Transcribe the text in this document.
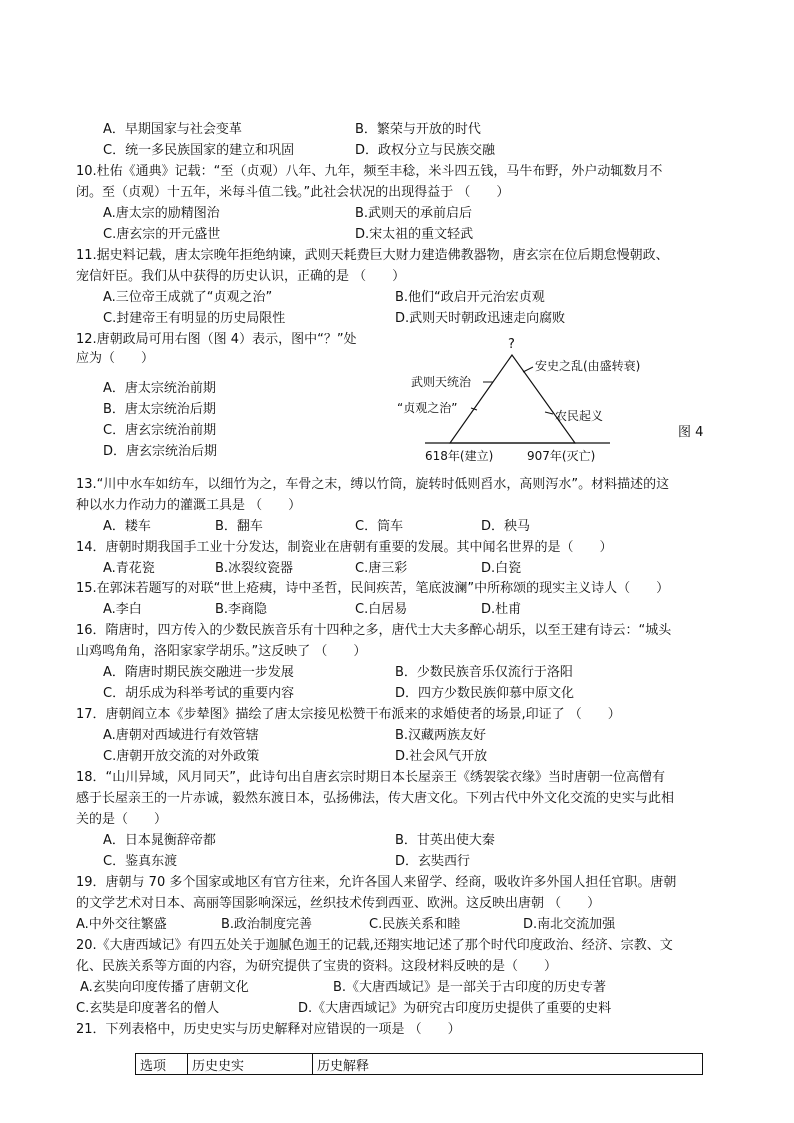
A．早期国家与社会变革	B．繁荣与开放的时代
C．统一多民族国家的建立和巩固	D．政权分立与民族交融
10.杜佑《通典》记载：“至（贞观）八年、九年，频至丰稔，米斗四五钱，马牛布野，外户动辄数月不
闭。至（贞观）十五年，米每斗值二钱。”此社会状况的出现得益于 （　　）
A.唐太宗的励精图治	B.武则天的承前启后
C.唐玄宗的开元盛世	D.宋太祖的重文轻武
11.据史料记载，唐太宗晚年拒绝纳谏，武则天耗费巨大财力建造佛教器物，唐玄宗在位后期怠慢朝政、
宠信奸臣。我们从中获得的历史认识，正确的是 （　　）
A.三位帝王成就了“贞观之治”	B.他们“政启开元治宏贞观
C.封建帝王有明显的历史局限性	D.武则天时朝政迅速走向腐败
12.唐朝政局可用右图（图 4）表示，图中“？”处
应为（　　）
A．唐太宗统治前期
B．唐太宗统治后期
C．唐玄宗统治前期
D．唐玄宗统治后期
?
武则天统治
“贞观之治”
安史之乱(由盛转衰)
农民起义
618年(建立)	907年(灭亡)
图 4
13.“川中水车如纺车，以细竹为之，车骨之末，缚以竹筒，旋转时低则舀水，高则泻水”。材料描述的这
种以水力作动力的灌溉工具是 （　　）
A．耧车	B．翻车	C．筒车	D．秧马
14．唐朝时期我国手工业十分发达，制瓷业在唐朝有重要的发展。其中闻名世界的是（　　）
A.青花瓷	B.冰裂纹瓷器	C.唐三彩	D.白瓷
15.在郭沫若题写的对联“世上疮痍，诗中圣哲，民间疾苦，笔底波澜”中所称颂的现实主义诗人（　　）
A.李白	B.李商隐	C.白居易	D.杜甫
16．隋唐时，四方传入的少数民族音乐有十四种之多，唐代士大夫多醉心胡乐，以至王建有诗云：“城头
山鸡鸣角角，洛阳家家学胡乐。”这反映了 （　　）
A．隋唐时期民族交融进一步发展	B．少数民族音乐仅流行于洛阳
C．胡乐成为科举考试的重要内容	D．四方少数民族仰慕中原文化
17．唐朝阎立本《步辇图》描绘了唐太宗接见松赞干布派来的求婚使者的场景,印证了 （　　）
A.唐朝对西域进行有效管辖	B.汉藏两族友好
C.唐朝开放交流的对外政策	D.社会风气开放
18．“山川异域，风月同天”，此诗句出自唐玄宗时期日本长屋亲王《绣袈裟衣缘》当时唐朝一位高僧有
感于长屋亲王的一片赤诚，毅然东渡日本，弘扬佛法，传大唐文化。下列古代中外文化交流的史实与此相
关的是（　　）
A．日本晁衡辞帝都	B．甘英出使大秦
C．鉴真东渡	D．玄奘西行
19．唐朝与 70 多个国家或地区有官方往来，允许各国人来留学、经商，吸收许多外国人担任官职。唐朝
的文学艺术对日本、高丽等国影响深远，丝织技术传到西亚、欧洲。这反映出唐朝 （　　）
A.中外交往繁盛	B.政治制度完善	C.民族关系和睦	D.南北交流加强
20.《大唐西域记》有四五处关于迦腻色迦王的记载,还翔实地记述了那个时代印度政治、经济、宗教、文
化、民族关系等方面的内容，为研究提供了宝贵的资料。这段材料反映的是（　　）
A.玄奘向印度传播了唐朝文化	B.《大唐西域记》是一部关于古印度的历史专著
C.玄奘是印度著名的僧人	D.《大唐西域记》为研究古印度历史提供了重要的史料
21．下列表格中，历史史实与历史解释对应错误的一项是 （　　）
选项	历史史实	历史解释
